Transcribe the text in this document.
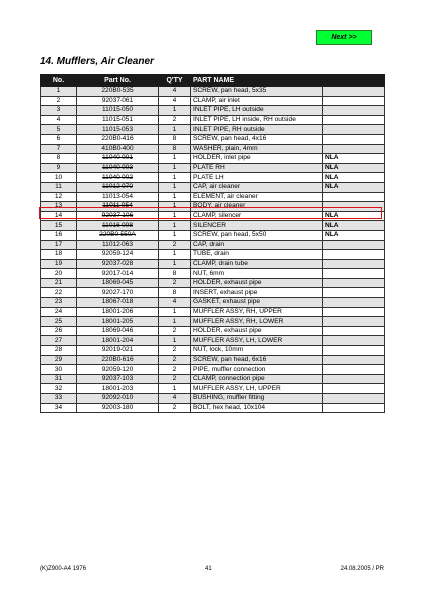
Next >>
14. Mufflers, Air Cleaner
No.	Part No.	Q'TY	PART NAME	
1	220B0-535	4	SCREW, pan head, 5x35	
2	92037-061	4	CLAMP, air inlet	
3	11015-050	1	INLET PIPE, LH outside	
4	11015-051	2	INLET PIPE, LH inside, RH outside	
5	11015-053	1	INLET PIPE, RH outside	
6	220B0-416	8	SCREW, pan head, 4x16	
7	410B0-400	8	WASHER, plain, 4mm	
8	11040-001	1	HOLDER, inlet pipe	NLA
9	11040-003	1	PLATE RH	NLA
10	11040-002	1	PLATE LH	NLA
11	11012-070	1	CAP, air cleaner	NLA
12	11013-054	1	ELEMENT, air cleaner	
13	11011-054	1	BODY, air cleaner	
14	92037-106	1	CLAMP, silencer	NLA
15	11016-008	1	SILENCER	NLA
16	220B0-550A	1	SCREW, pan head, 5x50	NLA
17	11012-063	2	CAP, drain	
18	92059-124	1	TUBE, drain	
19	92037-028	1	CLAMP, drain tube	
20	92017-014	8	NUT, 6mm	
21	18069-045	2	HOLDER, exhaust pipe	
22	92027-170	8	INSERT, exhaust pipe	
23	18067-018	4	GASKET, exhaust pipe	
24	18001-206	1	MUFFLER ASSY, RH, UPPER	
25	18001-205	1	MUFFLER ASSY, RH, LOWER	
26	18069-046	2	HOLDER, exhaust pipe	
27	18001-204	1	MUFFLER ASSY, LH, LOWER	
28	92019-021	2	NUT, lock, 10mm	
29	220B0-616	2	SCREW, pan head, 6x16	
30	92059-120	2	PIPE, muffler connection	
31	92037-103	2	CLAMP, connection pipe	
32	18001-203	1	MUFFLER ASSY, LH, UPPER	
33	92092-010	4	BUSHING, muffler fitting	
34	92003-180	2	BOLT, hex head, 10x104	
(K)Z900-A4 1976	41	24.08.2005 / PR
